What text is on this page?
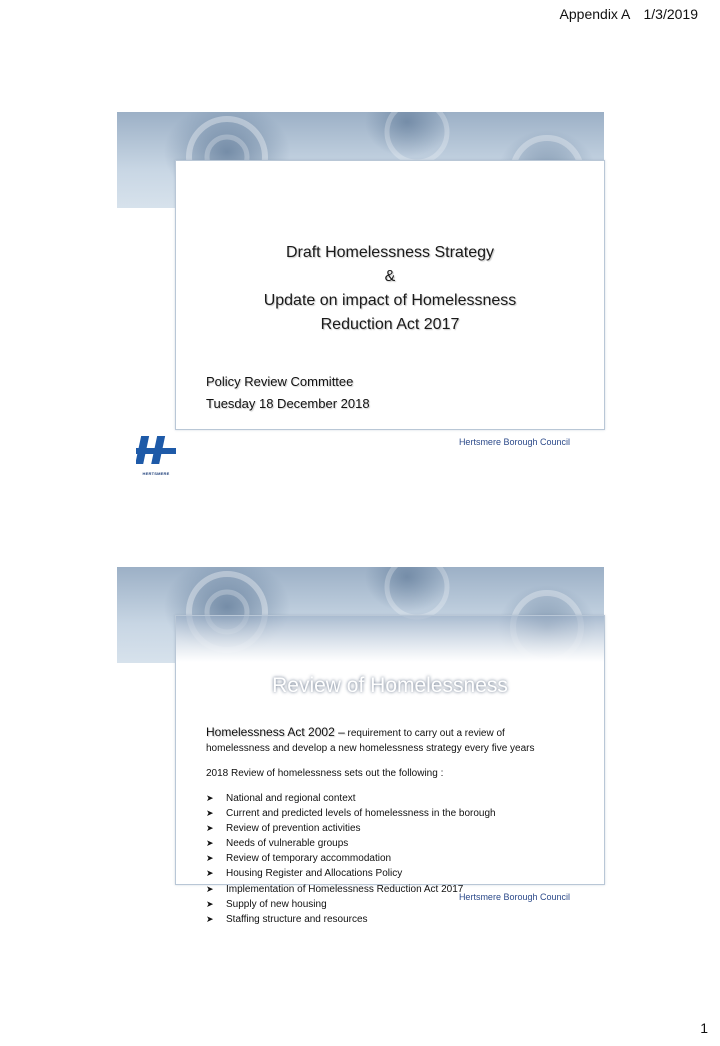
Appendix A 1/3/2019
Draft Homelessness Strategy
&
Update on impact of Homelessness
Reduction Act 2017
Policy Review Committee
Tuesday 18 December 2018
Hertsmere Borough Council
HERTSMERE
Review of Homelessness
Homelessness Act 2002 – requirement to carry out a review of
homelessness and develop a new homelessness strategy every five years
2018 Review of homelessness sets out the following :
➤ National and regional context
➤ Current and predicted levels of homelessness in the borough
➤ Review of prevention activities
➤ Needs of vulnerable groups
➤ Review of temporary accommodation
➤ Housing Register and Allocations Policy
➤ Implementation of Homelessness Reduction Act 2017
➤ Supply of new housing
➤ Staffing structure and resources
Hertsmere Borough Council
1
